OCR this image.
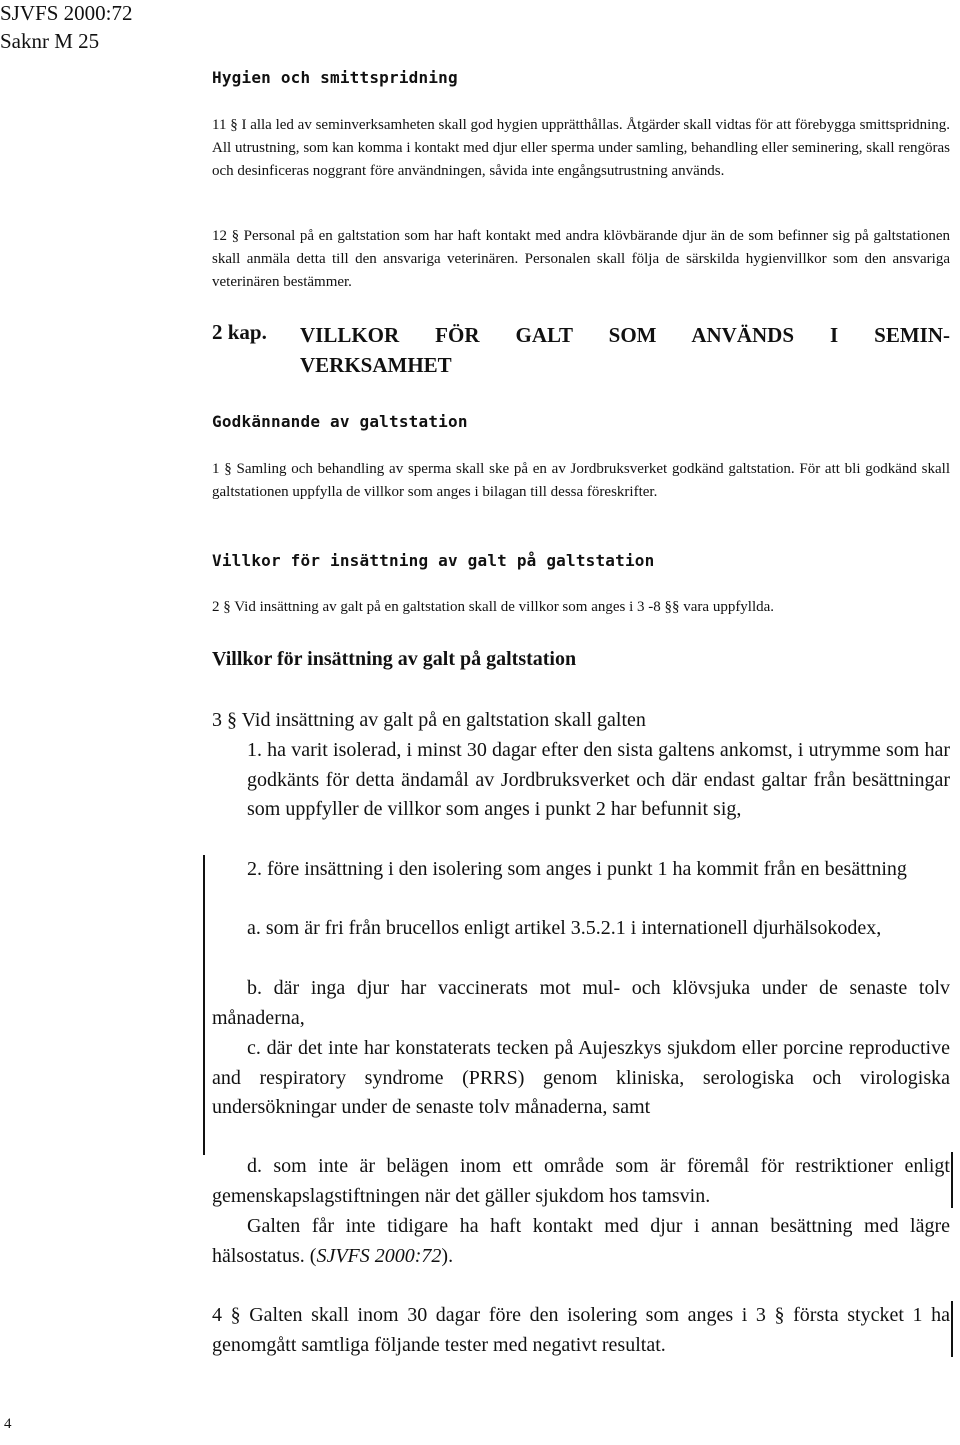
SJVFS 2000:72
Saknr M 25
Hygien och smittspridning

11 § I alla led av seminverksamheten skall god hygien upprätthållas. Åtgärder skall vidtas för att förebygga smittspridning. All utrustning, som kan komma i kontakt med djur eller sperma under samling, behandling eller seminering, skall rengöras och desinficeras noggrant före användningen, såvida inte engångsutrustning används.

12 § Personal på en galtstation som har haft kontakt med andra klövbärande djur än de som befinner sig på galtstationen skall anmäla detta till den ansvariga veterinären. Personalen skall följa de särskilda hygienvillkor som den ansvariga veterinären bestämmer.

2 kap. VILLKOR FÖR GALT SOM ANVÄNDS I SEMIN-
VERKSAMHET
Godkännande av galtstation

1 § Samling och behandling av sperma skall ske på en av Jordbruksverket godkänd galtstation. För att bli godkänd skall galtstationen uppfylla de villkor som anges i bilagan till dessa föreskrifter.

Villkor för insättning av galt på galtstation

2 § Vid insättning av galt på en galtstation skall de villkor som anges i 3 -8 §§ vara uppfyllda.

Villkor för insättning av galt på galtstation

3 § Vid insättning av galt på en galtstation skall galten

1. ha varit isolerad, i minst 30 dagar efter den sista galtens ankomst, i utrymme som har godkänts för detta ändamål av Jordbruksverket och där endast galtar från besättningar som uppfyller de villkor som anges i punkt 2 har befunnit sig,

2. före insättning i den isolering som anges i punkt 1 ha kommit från en besättning

a. som är fri från brucellos enligt artikel 3.5.2.1 i internationell djurhälsokodex,

b. där inga djur har vaccinerats mot mul- och klövsjuka under de senaste tolv månaderna,

c. där det inte har konstaterats tecken på Aujeszkys sjukdom eller porcine reproductive and respiratory syndrome (PRRS) genom kliniska, serologiska och virologiska undersökningar under de senaste tolv månaderna, samt

d. som inte är belägen inom ett område som är föremål för restriktioner enligt gemenskapslagstiftningen när det gäller sjukdom hos tamsvin.

Galten får inte tidigare ha haft kontakt med djur i annan besättning med lägre hälsostatus. (SJVFS 2000:72).

4 § Galten skall inom 30 dagar före den isolering som anges i 3 § första stycket 1 ha genomgått samtliga följande tester med negativt resultat.

4
